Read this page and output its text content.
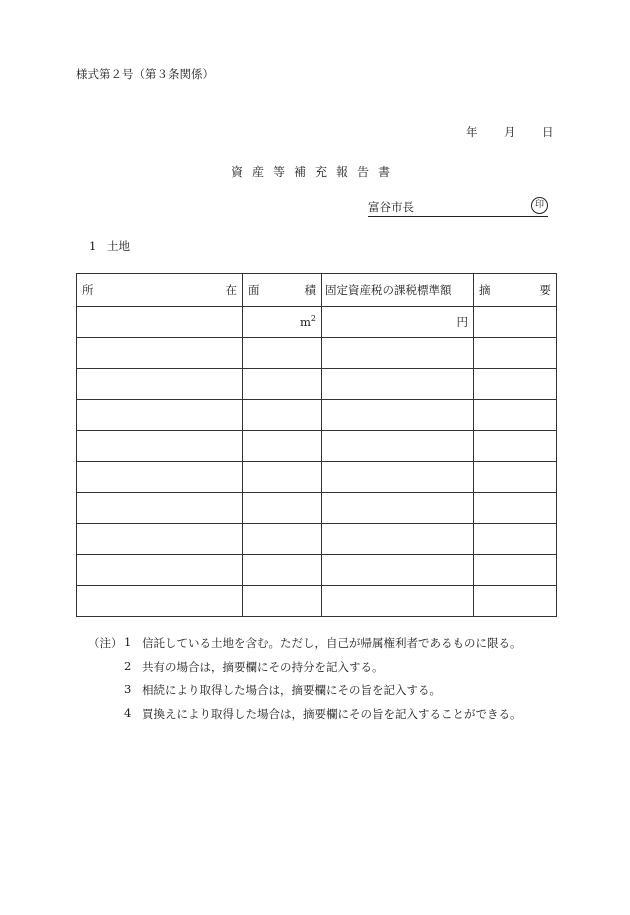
様式第２号（第３条関係）
年 月 日
資産等補充報告書
富谷市長	印
1 土地
所 在	面 積	固定資産税の課税標準額	摘 要

	$m^2$	円	

（注） 1 信託している土地を含む。ただし，自己が帰属権利者であるものに限る。
2 共有の場合は，摘要欄にその持分を記入する。
3 相続により取得した場合は，摘要欄にその旨を記入する。
4 買換えにより取得した場合は，摘要欄にその旨を記入することができる。
